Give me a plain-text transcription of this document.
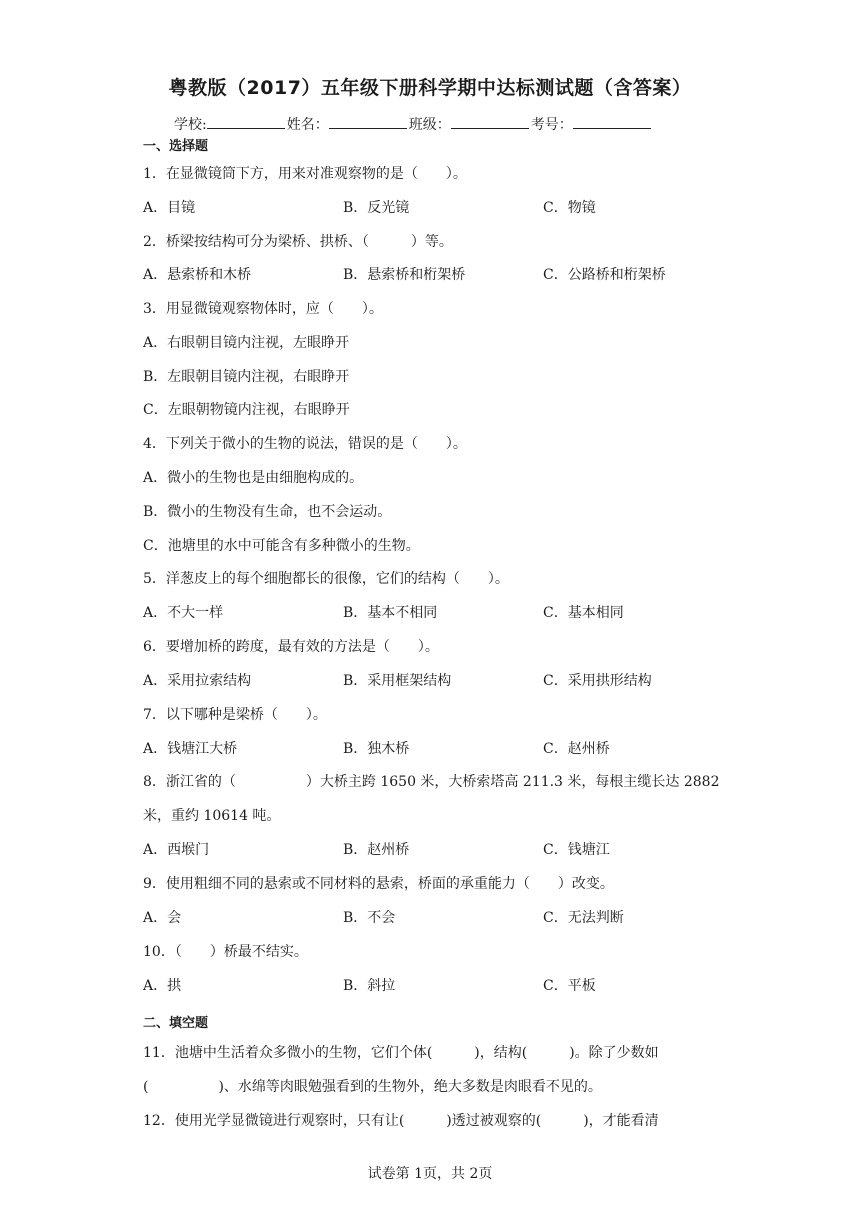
粤教版（2017）五年级下册科学期中达标测试题（含答案）
学校:	姓名：	班级：	考号：
一、选择题
1．在显微镜筒下方，用来对准观察物的是（　　）。
A．目镜	B．反光镜	C．物镜
2．桥梁按结构可分为梁桥、拱桥、（　　　）等。
A．悬索桥和木桥	B．悬索桥和桁架桥	C．公路桥和桁架桥
3．用显微镜观察物体时，应（　　）。
A．右眼朝目镜内注视，左眼睁开
B．左眼朝目镜内注视，右眼睁开
C．左眼朝物镜内注视，右眼睁开
4．下列关于微小的生物的说法，错误的是（　　）。
A．微小的生物也是由细胞构成的。
B．微小的生物没有生命，也不会运动。
C．池塘里的水中可能含有多种微小的生物。
5．洋葱皮上的每个细胞都长的很像，它们的结构（　　）。
A．不大一样	B．基本不相同	C．基本相同
6．要增加桥的跨度，最有效的方法是（　　）。
A．采用拉索结构	B．采用框架结构	C．采用拱形结构
7．以下哪种是梁桥（　　）。
A．钱塘江大桥	B．独木桥	C．赵州桥
8．浙江省的（　　　　　）大桥主跨 1650 米，大桥索塔高 211.3 米，每根主缆长达 2882
米，重约 10614 吨。
A．西堠门	B．赵州桥	C．钱塘江
9．使用粗细不同的悬索或不同材料的悬索，桥面的承重能力（　　）改变。
A．会	B．不会	C．无法判断
10．（　　）桥最不结实。
A．拱	B．斜拉	C．平板
二、填空题
11．池塘中生活着众多微小的生物，它们个体(　　　)，结构(　　　)。除了少数如
(　　　　　)、水绵等肉眼勉强看到的生物外，绝大多数是肉眼看不见的。
12．使用光学显微镜进行观察时，只有让(　　　)透过被观察的(　　　)，才能看清
试卷第 1页，共 2页
